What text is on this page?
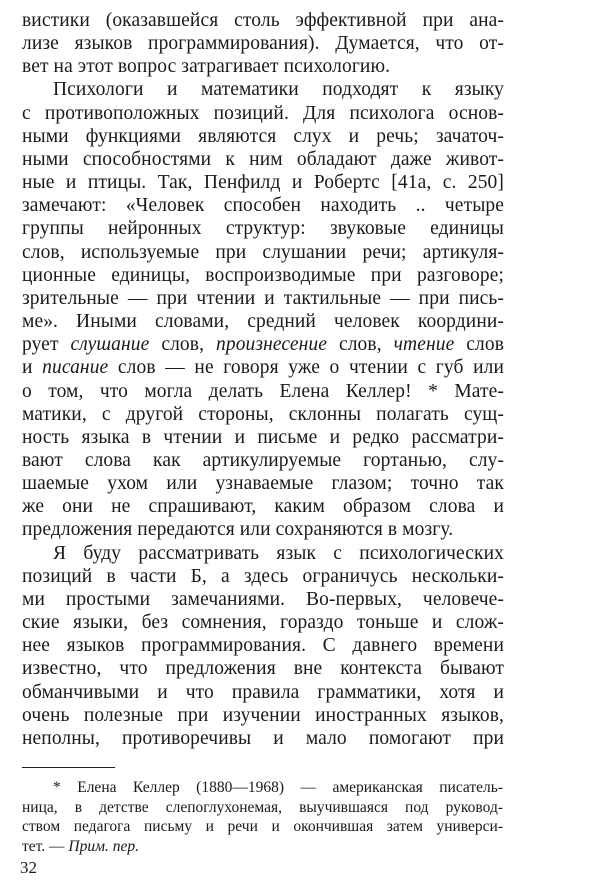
вистики (оказавшейся столь эффективной при ана-
лизе языков программирования). Думается, что от-
вет на этот вопрос затрагивает психологию.
Психологи и математики подходят к языку
с противоположных позиций. Для психолога основ-
ными функциями являются слух и речь; зачаточ-
ными способностями к ним обладают даже живот-
ные и птицы. Так, Пенфилд и Робертс [41а, с. 250]
замечают: «Человек способен находить .. четыре
группы нейронных структур: звуковые единицы
слов, используемые при слушании речи; артикуля-
ционные единицы, воспроизводимые при разговоре;
зрительные — при чтении и тактильные — при пись-
ме». Иными словами, средний человек координи-
рует слушание слов, произнесение слов, чтение слов
и писание слов — не говоря уже о чтении с губ или
о том, что могла делать Елена Келлер! * Мате-
матики, с другой стороны, склонны полагать сущ-
ность языка в чтении и письме и редко рассматри-
вают слова как артикулируемые гортанью, слу-
шаемые ухом или узнаваемые глазом; точно так
же они не спрашивают, каким образом слова и
предложения передаются или сохраняются в мозгу.
Я буду рассматривать язык с психологических
позиций в части Б, а здесь ограничусь нескольки-
ми простыми замечаниями. Во-первых, человече-
ские языки, без сомнения, гораздо тоньше и слож-
нее языков программирования. С давнего времени
известно, что предложения вне контекста бывают
обманчивыми и что правила грамматики, хотя и
очень полезные при изучении иностранных языков,
неполны, противоречивы и мало помогают при
* Елена Келлер (1880—1968) — американская писатель-
ница, в детстве слепоглухонемая, выучившаяся под руковод-
ством педагога письму и речи и окончившая затем универси-
тет. — Прим. пер.
32
